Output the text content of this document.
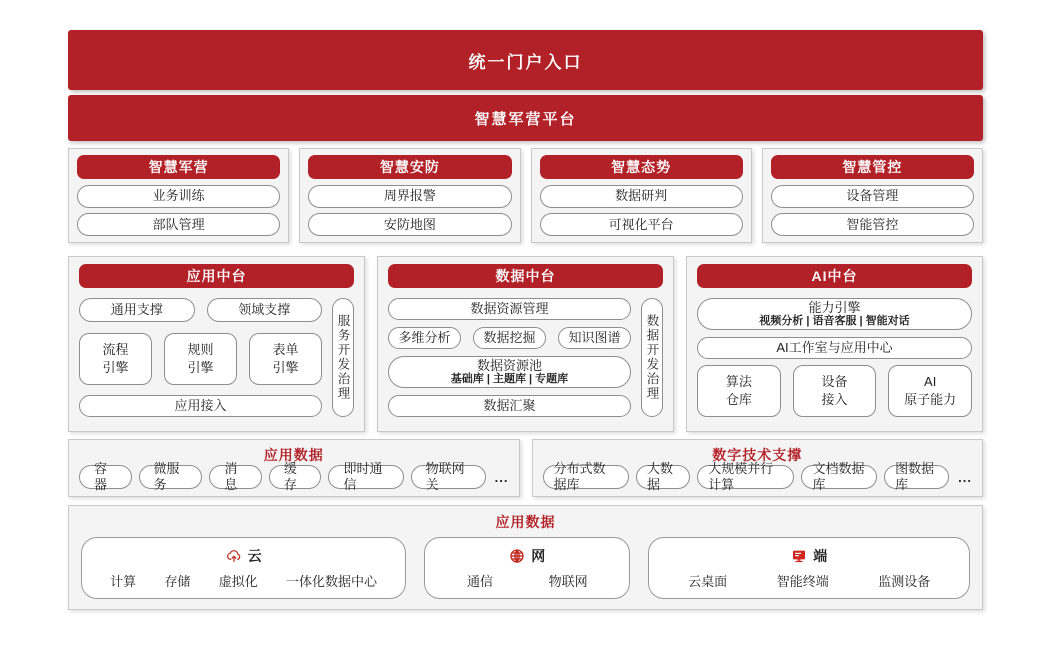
统一门户入口
智慧军营平台
智慧军营
业务训练
部队管理
智慧安防
周界报警
安防地图
智慧态势
数据研判
可视化平台
智慧管控
设备管理
智能管控
应用中台
通用支撑	领域支撑
流程
引擎
规则
引擎
表单
引擎
应用接入
服务开发治理
数据中台
数据资源管理
多维分析	数据挖掘	知识图谱
数据资源池
基础库 | 主题库 | 专题库
数据汇聚
数据开发治理
AI中台
能力引擎
视频分析 | 语音客服 | 智能对话
AI工作室与应用中心
算法
仓库
设备
接入
AI
原子能力
应用数据
容器
微服务
消息
缓存
即时通信
物联网关	...
数字技术支撑
分布式数据库
大数据
大规模并行计算
文档数据库
图数据库	...
应用数据
云
计算 存储 虚拟化 一体化数据中心
网
通信	物联网
端
云桌面	智能终端	监测设备
